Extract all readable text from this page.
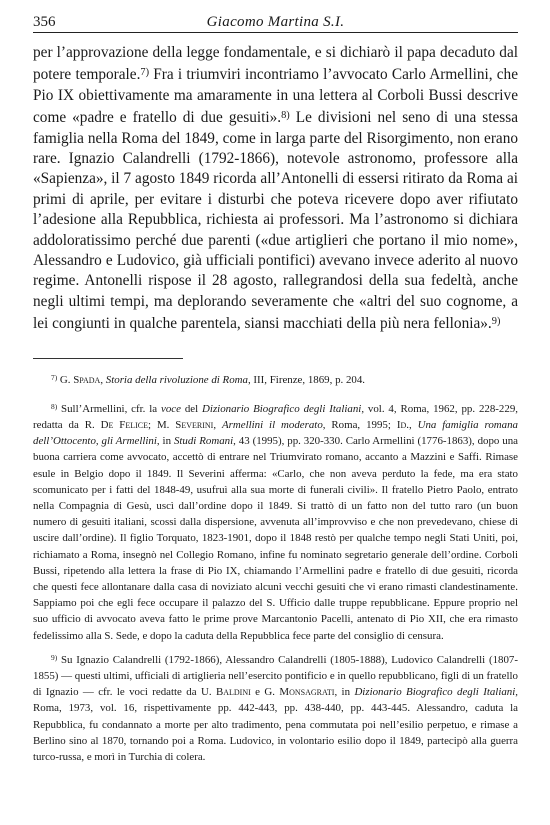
356	Giacomo Martina S.I.

per l’approvazione della legge fondamentale, e si dichiarò il papa decaduto dal potere temporale.$^{7)}$ Fra i triumviri incontriamo l’avvocato Carlo Armellini, che Pio IX obiettivamente ma amaramente in una lettera al Corboli Bussi descrive come «padre e fratello di due gesuiti».$^{8)}$ Le divisioni nel seno di una stessa famiglia nella Roma del 1849, come in larga parte del Risorgimento, non erano rare. Ignazio Calandrelli (1792-1866), notevole astronomo, professore alla «Sapienza», il 7 agosto 1849 ricorda all’Antonelli di essersi ritirato da Roma ai primi di aprile, per evitare i disturbi che poteva ricevere dopo aver rifiutato l’adesione alla Repubblica, richiesta ai professori. Ma l’astronomo si dichiara addoloratissimo perché due parenti («due artiglieri che portano il mio nome», Alessandro e Ludovico, già ufficiali pontifici) avevano invece aderito al nuovo regime. Antonelli rispose il 28 agosto, rallegrandosi della sua fedeltà, anche negli ultimi tempi, ma deplorando severamente che «altri del suo cognome, a lei congiunti in qualche parentela, siansi macchiati della più nera fellonia».$^{9)}$

$^{7)}$ G. Spada, Storia della rivoluzione di Roma, III, Firenze, 1869, p. 204.

$^{8)}$ Sull’Armellini, cfr. la voce del Dizionario Biografico degli Italiani, vol. 4, Roma, 1962, pp. 228-229, redatta da R. De Felice; M. Severini, Armellini il moderato, Roma, 1995; Id., Una famiglia romana dell’Ottocento, gli Armellini, in Studi Romani, 43 (1995), pp. 320-330. Carlo Armellini (1776-1863), dopo una buona carriera come avvocato, accettò di entrare nel Triumvirato romano, accanto a Mazzini e Saffi. Rimase esule in Belgio dopo il 1849. Il Severini afferma: «Carlo, che non aveva perduto la fede, ma era stato scomunicato per i fatti del 1848-49, usufruì alla sua morte di funerali civili». Il fratello Pietro Paolo, entrato nella Compagnia di Gesù, uscì dall’ordine dopo il 1849. Si trattò di un fatto non del tutto raro (un buon numero di gesuiti italiani, scossi dalla dispersione, avvenuta all’improvviso e che non prevedevano, chiese di uscire dall’ordine). Il figlio Torquato, 1823-1901, dopo il 1848 restò per qualche tempo negli Stati Uniti, poi, richiamato a Roma, insegnò nel Collegio Romano, infine fu nominato segretario generale dell’ordine. Corboli Bussi, ripetendo alla lettera la frase di Pio IX, chiamando l’Armellini padre e fratello di due gesuiti, ricorda che questi fece allontanare dalla casa di noviziato alcuni vecchi gesuiti che vi erano rimasti clandestinamente. Sappiamo poi che egli fece occupare il palazzo del S. Ufficio dalle truppe repubblicane. Eppure proprio nel suo ufficio di avvocato aveva fatto le prime prove Marcantonio Pacelli, antenato di Pio XII, che era rimasto fedelissimo alla S. Sede, e dopo la caduta della Repubblica fece parte del consiglio di censura.

$^{9)}$ Su Ignazio Calandrelli (1792-1866), Alessandro Calandrelli (1805-1888), Ludovico Calandrelli (1807-1855) — questi ultimi, ufficiali di artiglieria nell’esercito pontificio e in quello repubblicano, figli di un fratello di Ignazio — cfr. le voci redatte da U. Baldini e G. Monsagrati, in Dizionario Biografico degli Italiani, Roma, 1973, vol. 16, rispettivamente pp. 442-443, pp. 438-440, pp. 443-445. Alessandro, caduta la Repubblica, fu condannato a morte per alto tradimento, pena commutata poi nell’esilio perpetuo, e rimase a Berlino sino al 1870, tornando poi a Roma. Ludovico, in volontario esilio dopo il 1849, partecipò alla guerra turco-russa, e morì in Turchia di colera.
